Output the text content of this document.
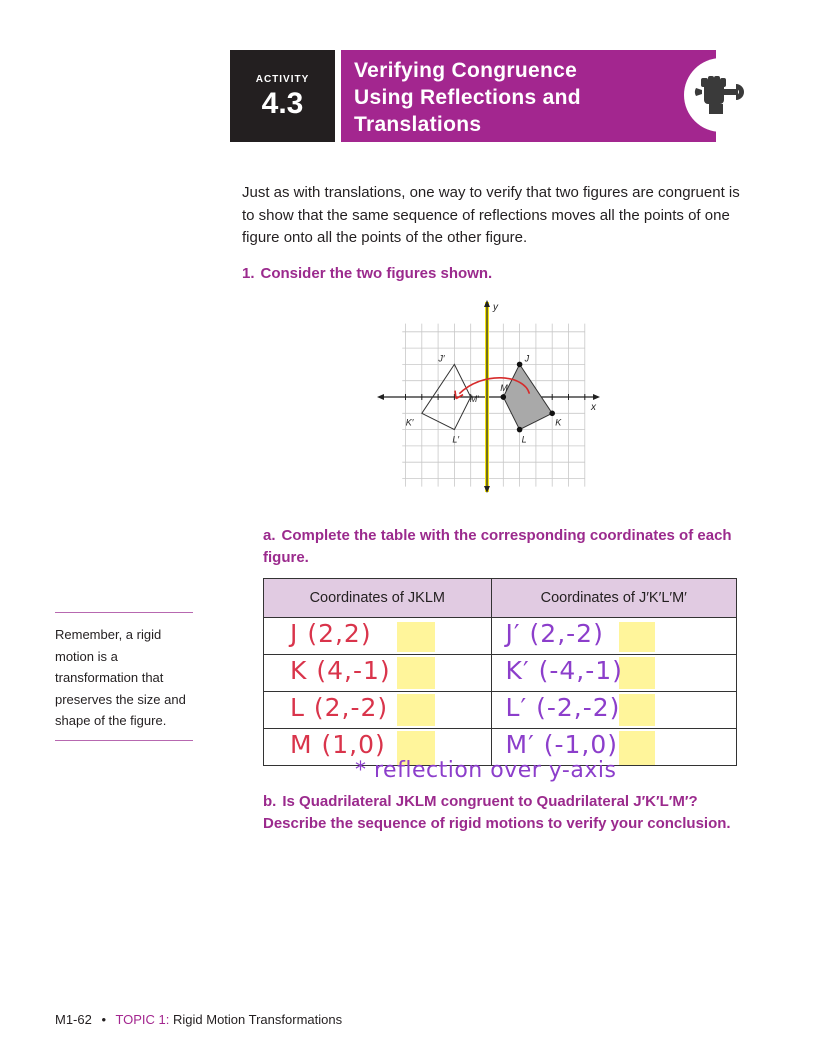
ACTIVITY
4.3
Verifying Congruence
Using Reflections and
Translations
Just as with translations, one way to verify that two figures are congruent is to show that the same sequence of reflections moves all the points of one figure onto all the points of the other figure.
1. Consider the two figures shown.
y
x
J
K
L
M
J′
K′
L′
M′
a. Complete the table with the corresponding coordinates of each figure.
Coordinates of JKLM	Coordinates of J′K′L′M′

J (2,2)	J′ (2,-2)

K (4,-1)	K′ (-4,-1)

L (2,-2)	L′ (-2,-2)

M (1,0)	M′ (-1,0)
* reflection over y-axis
b. Is Quadrilateral JKLM congruent to Quadrilateral J′K′L′M′? Describe the sequence of rigid motions to verify your conclusion.
Remember, a rigid motion is a transformation that preserves the size and shape of the figure.
M1-62 • TOPIC 1: Rigid Motion Transformations
